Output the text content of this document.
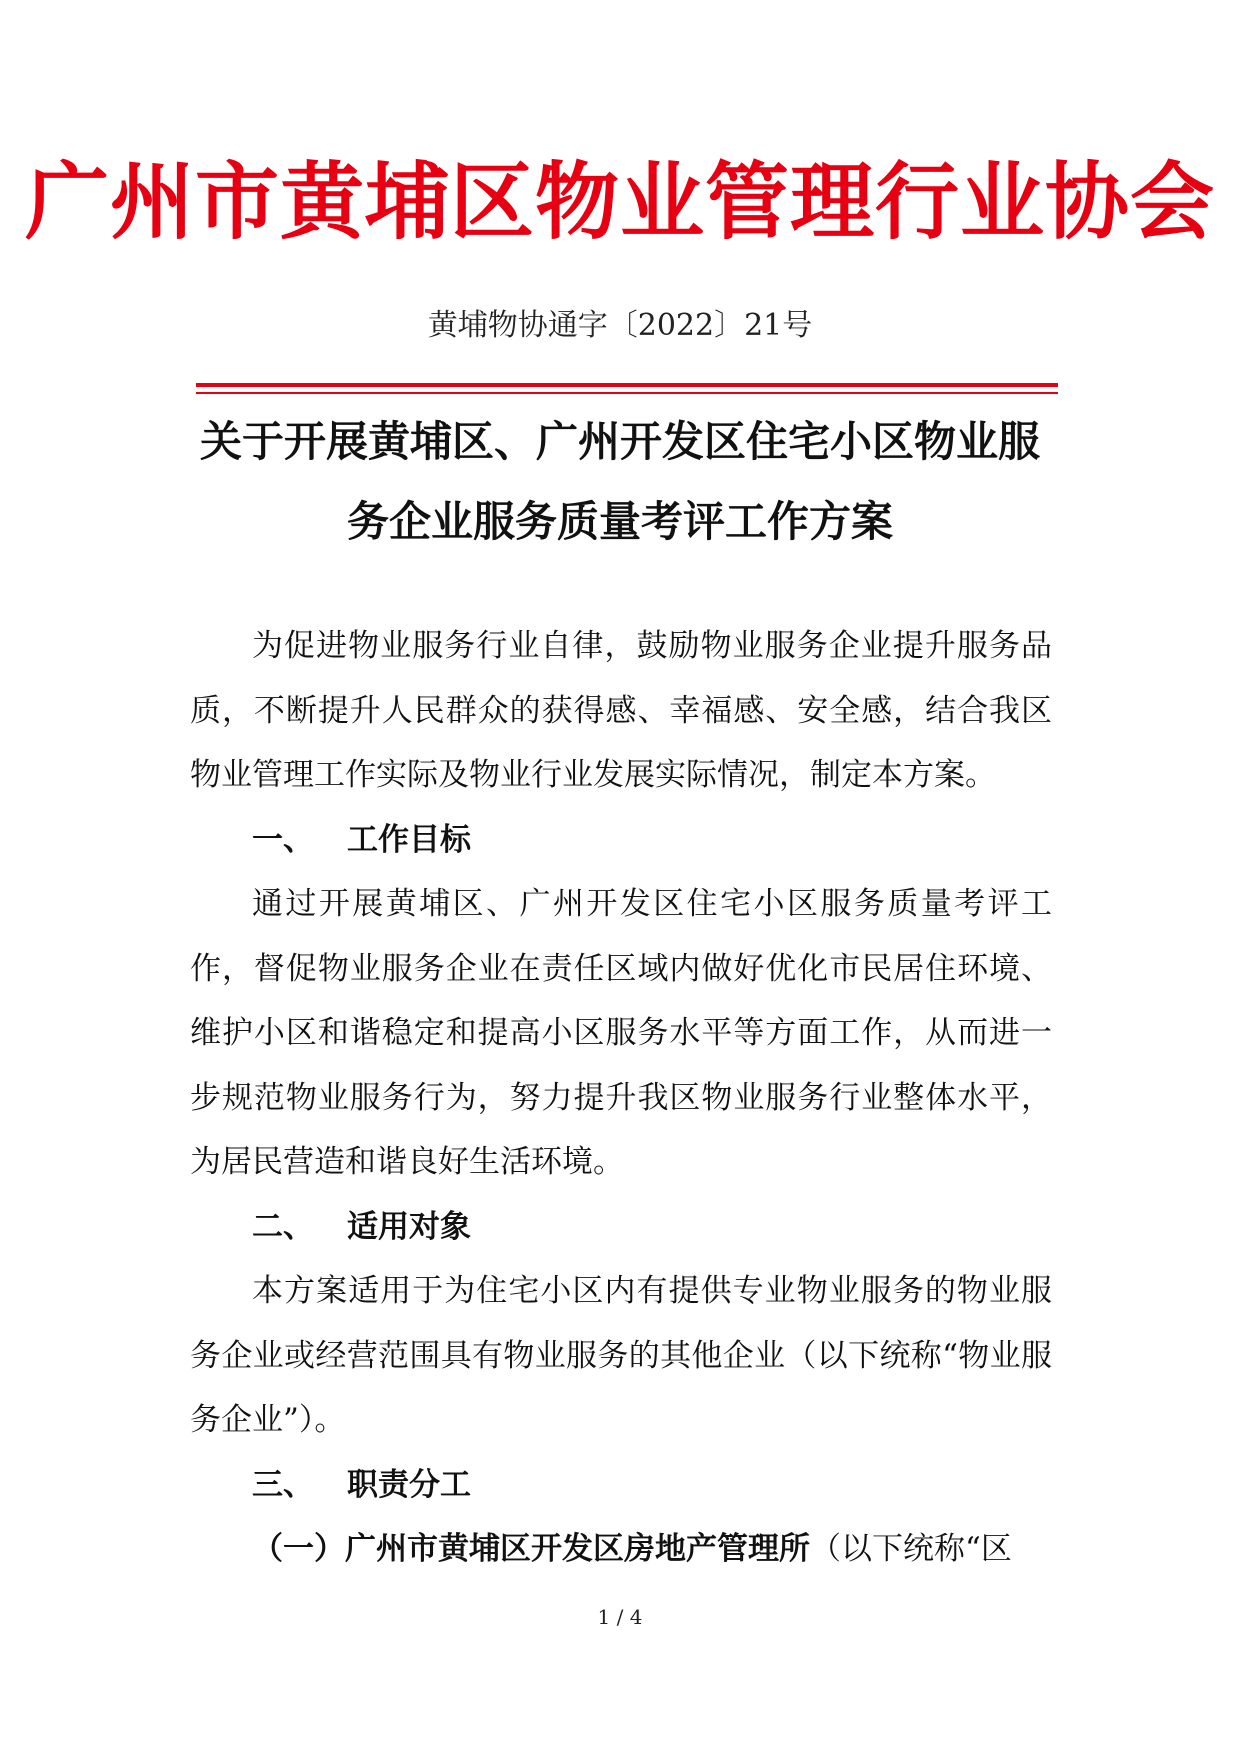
广州市黄埔区物业管理行业协会
黄埔物协通字〔2022〕21号
关于开展黄埔区、广州开发区住宅小区物业服
务企业服务质量考评工作方案

为促进物业服务行业自律，鼓励物业服务企业提升服务品质，不断提升人民群众的获得感、幸福感、安全感，结合我区物业管理工作实际及物业行业发展实际情况，制定本方案。

一、 工作目标

通过开展黄埔区、广州开发区住宅小区服务质量考评工作，督促物业服务企业在责任区域内做好优化市民居住环境、维护小区和谐稳定和提高小区服务水平等方面工作，从而进一步规范物业服务行为，努力提升我区物业服务行业整体水平，为居民营造和谐良好生活环境。

二、 适用对象

本方案适用于为住宅小区内有提供专业物业服务的物业服务企业或经营范围具有物业服务的其他企业（以下统称“物业服务企业”）。

三、 职责分工

（一）广州市黄埔区开发区房地产管理所（以下统称“区

1 / 4
